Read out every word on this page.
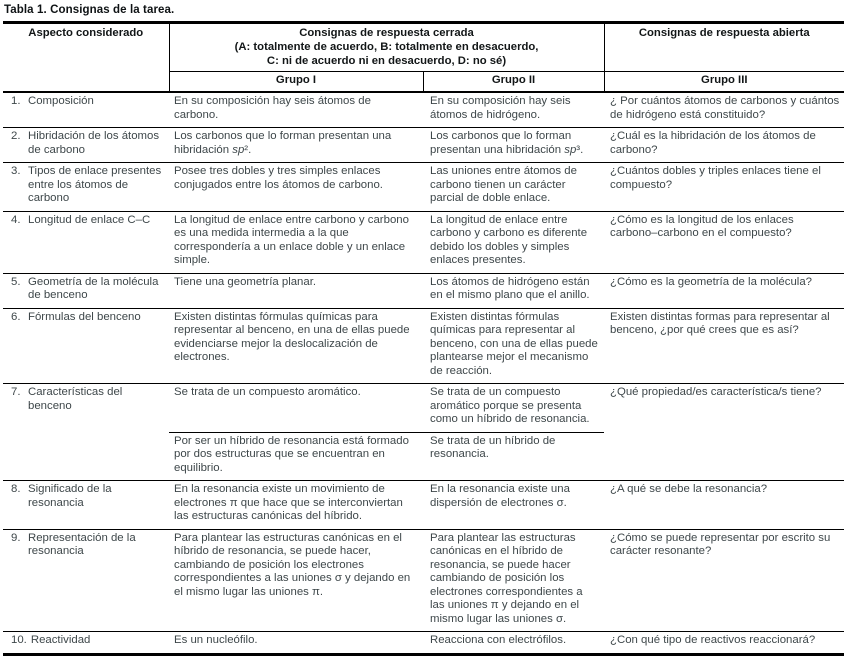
Tabla 1. Consignas de la tarea.
Aspecto considerado	Consignas de respuesta cerrada
(A: totalmente de acuerdo, B: totalmente en desacuerdo,
C: ni de acuerdo ni en desacuerdo, D: no sé)		Consignas de respuesta abierta
	Grupo I	Grupo II	Grupo III

1. Composición	En su composición hay seis átomos de carbono.	En su composición hay seis átomos de hidrógeno.	¿ Por cuántos átomos de carbonos y cuántos de hidrógeno está constituido?

2. Hibridación de los átomos de carbono	Los carbonos que lo forman presentan una hibridación sp².	Los carbonos que lo forman presentan una hibridación sp³.	¿Cuál es la hibridación de los átomos de carbono?

3. Tipos de enlace presentes entre los átomos de carbono	Posee tres dobles y tres simples enlaces conjugados entre los átomos de carbono.	Las uniones entre átomos de carbono tienen un carácter parcial de doble enlace.	¿Cuántos dobles y triples enlaces tiene el compuesto?

4. Longitud de enlace C–C	La longitud de enlace entre carbono y carbono es una medida intermedia a la que correspondería a un enlace doble y un enlace simple.	La longitud de enlace entre carbono y carbono es diferente debido los dobles y simples enlaces presentes.	¿Cómo es la longitud de los enlaces carbono–carbono en el compuesto?

5. Geometría de la molécula de benceno	Tiene una geometría planar.	Los átomos de hidrógeno están en el mismo plano que el anillo.	¿Cómo es la geometría de la molécula?

6. Fórmulas del benceno	Existen distintas fórmulas químicas para representar al benceno, en una de ellas puede evidenciarse mejor la deslocalización de electrones.	Existen distintas fórmulas químicas para representar al benceno, con una de ellas puede plantearse mejor el mecanismo de reacción.	Existen distintas formas para representar al benceno, ¿por qué crees que es así?

7. Características del benceno	Se trata de un compuesto aromático.	Se trata de un compuesto aromático porque se presenta como un híbrido de resonancia.	¿Qué propiedad/es característica/s tiene?
	Por ser un híbrido de resonancia está formado por dos estructuras que se encuentran en equilibrio.	Se trata de un híbrido de resonancia.	

8. Significado de la resonancia	En la resonancia existe un movimiento de electrones π que hace que se interconviertan las estructuras canónicas del híbrido.	En la resonancia existe una dispersión de electrones σ.	¿A qué se debe la resonancia?

9. Representación de la resonancia	Para plantear las estructuras canónicas en el híbrido de resonancia, se puede hacer, cambiando de posición los electrones correspondientes a las uniones σ y dejando en el mismo lugar las uniones π.	Para plantear las estructuras canónicas en el híbrido de resonancia, se puede hacer cambiando de posición los electrones correspondientes a las uniones π y dejando en el mismo lugar las uniones σ.	¿Cómo se puede representar por escrito su carácter resonante?

10. Reactividad	Es un nucleófilo.	Reacciona con electrófilos.	¿Con qué tipo de reactivos reaccionará?
